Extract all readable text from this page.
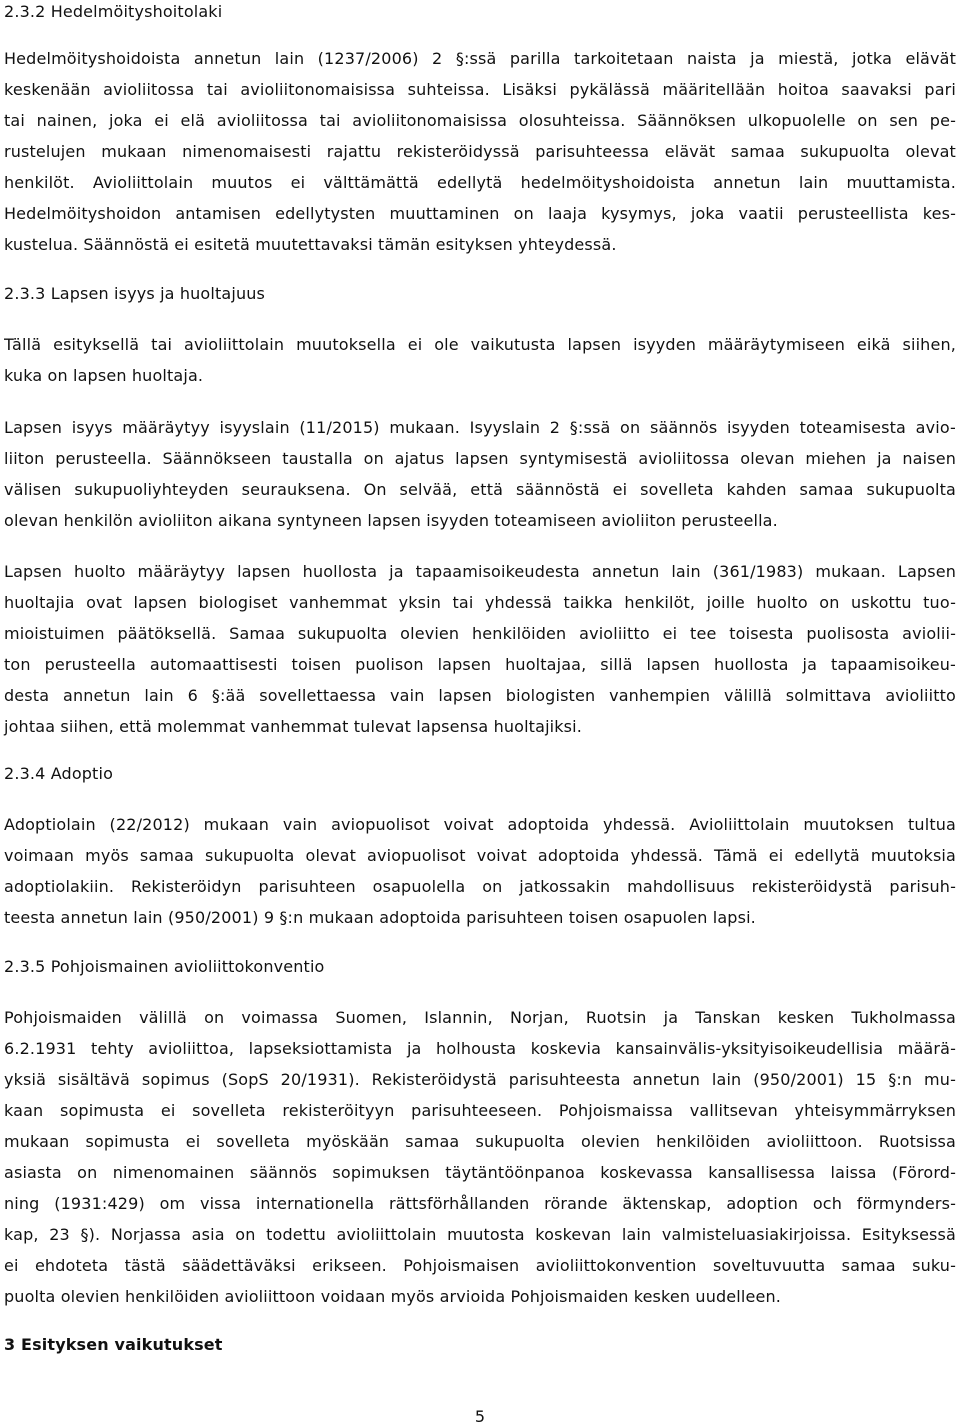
2.3.2 Hedelmöityshoitolaki
Hedelmöityshoidoista annetun lain (1237/2006) 2 §:ssä parilla tarkoitetaan naista ja miestä, jotka elävät
keskenään avioliitossa tai avioliitonomaisissa suhteissa. Lisäksi pykälässä määritellään hoitoa saavaksi pari
tai nainen, joka ei elä avioliitossa tai avioliitonomaisissa olosuhteissa. Säännöksen ulkopuolelle on sen pe-
rustelujen mukaan nimenomaisesti rajattu rekisteröidyssä parisuhteessa elävät samaa sukupuolta olevat
henkilöt. Avioliittolain muutos ei välttämättä edellytä hedelmöityshoidoista annetun lain muuttamista.
Hedelmöityshoidon antamisen edellytysten muuttaminen on laaja kysymys, joka vaatii perusteellista kes-
kustelua. Säännöstä ei esitetä muutettavaksi tämän esityksen yhteydessä.
2.3.3 Lapsen isyys ja huoltajuus
Tällä esityksellä tai avioliittolain muutoksella ei ole vaikutusta lapsen isyyden määräytymiseen eikä siihen,
kuka on lapsen huoltaja.
Lapsen isyys määräytyy isyyslain (11/2015) mukaan. Isyyslain 2 §:ssä on säännös isyyden toteamisesta avio-
liiton perusteella. Säännökseen taustalla on ajatus lapsen syntymisestä avioliitossa olevan miehen ja naisen
välisen sukupuoliyhteyden seurauksena. On selvää, että säännöstä ei sovelleta kahden samaa sukupuolta
olevan henkilön avioliiton aikana syntyneen lapsen isyyden toteamiseen avioliiton perusteella.
Lapsen huolto määräytyy lapsen huollosta ja tapaamisoikeudesta annetun lain (361/1983) mukaan. Lapsen
huoltajia ovat lapsen biologiset vanhemmat yksin tai yhdessä taikka henkilöt, joille huolto on uskottu tuo-
mioistuimen päätöksellä. Samaa sukupuolta olevien henkilöiden avioliitto ei tee toisesta puolisosta aviolii-
ton perusteella automaattisesti toisen puolison lapsen huoltajaa, sillä lapsen huollosta ja tapaamisoikeu-
desta annetun lain 6 §:ää sovellettaessa vain lapsen biologisten vanhempien välillä solmittava avioliitto
johtaa siihen, että molemmat vanhemmat tulevat lapsensa huoltajiksi.
2.3.4 Adoptio
Adoptiolain (22/2012) mukaan vain aviopuolisot voivat adoptoida yhdessä. Avioliittolain muutoksen tultua
voimaan myös samaa sukupuolta olevat aviopuolisot voivat adoptoida yhdessä. Tämä ei edellytä muutoksia
adoptiolakiin. Rekisteröidyn parisuhteen osapuolella on jatkossakin mahdollisuus rekisteröidystä parisuh-
teesta annetun lain (950/2001) 9 §:n mukaan adoptoida parisuhteen toisen osapuolen lapsi.
2.3.5 Pohjoismainen avioliittokonventio
Pohjoismaiden välillä on voimassa Suomen, Islannin, Norjan, Ruotsin ja Tanskan kesken Tukholmassa
6.2.1931 tehty avioliittoa, lapseksiottamista ja holhousta koskevia kansainvälis-yksityisoikeudellisia määrä-
yksiä sisältävä sopimus (SopS 20/1931). Rekisteröidystä parisuhteesta annetun lain (950/2001) 15 §:n mu-
kaan sopimusta ei sovelleta rekisteröityyn parisuhteeseen. Pohjoismaissa vallitsevan yhteisymmärryksen
mukaan sopimusta ei sovelleta myöskään samaa sukupuolta olevien henkilöiden avioliittoon. Ruotsissa
asiasta on nimenomainen säännös sopimuksen täytäntöönpanoa koskevassa kansallisessa laissa (Förord-
ning (1931:429) om vissa internationella rättsförhållanden rörande äktenskap, adoption och förmynders-
kap, 23 §). Norjassa asia on todettu avioliittolain muutosta koskevan lain valmisteluasiakirjoissa. Esityksessä
ei ehdoteta tästä säädettäväksi erikseen. Pohjoismaisen avioliittokonvention soveltuvuutta samaa suku-
puolta olevien henkilöiden avioliittoon voidaan myös arvioida Pohjoismaiden kesken uudelleen.
3 Esityksen vaikutukset
5
